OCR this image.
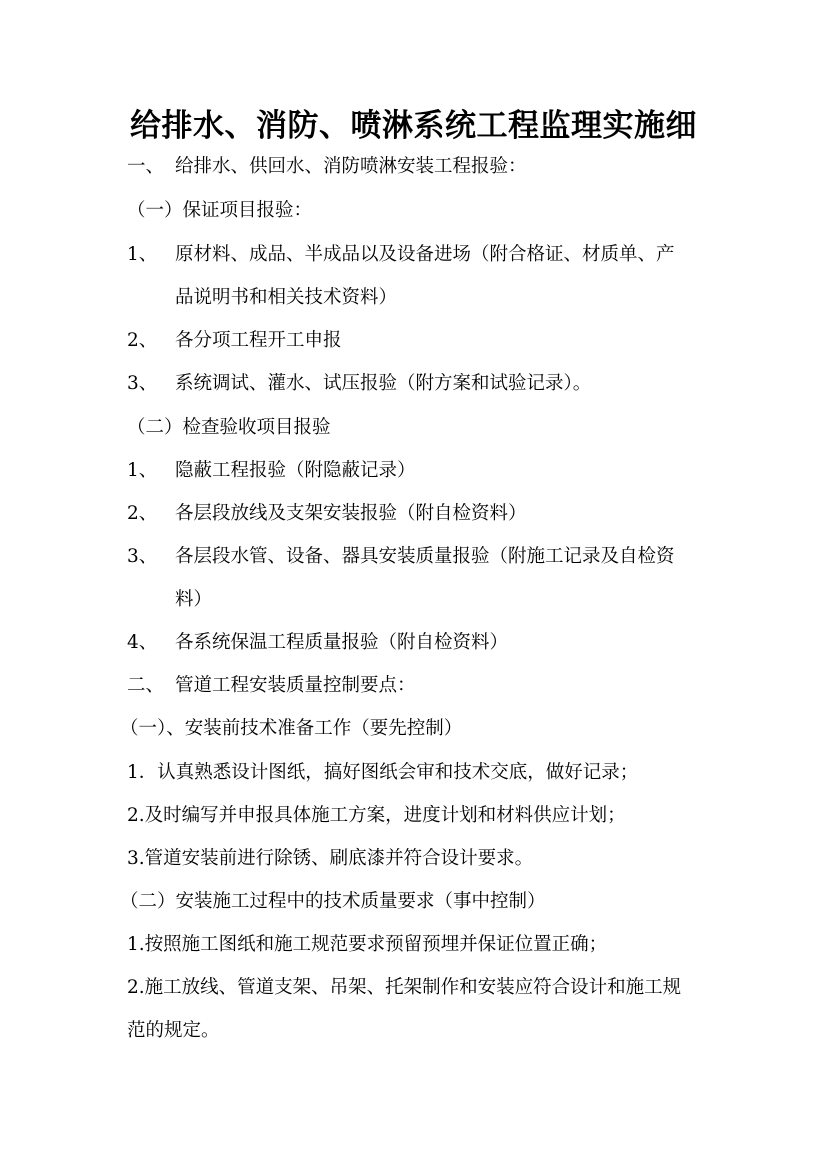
给排水、消防、喷淋系统工程监理实施细
一、 给排水、供回水、消防喷淋安装工程报验：
（一）保证项目报验：
1、 原材料、成品、半成品以及设备进场（附合格证、材质单、产
品说明书和相关技术资料）
2、 各分项工程开工申报
3、 系统调试、灌水、试压报验（附方案和试验记录）。
（二）检查验收项目报验
1、 隐蔽工程报验（附隐蔽记录）
2、 各层段放线及支架安装报验（附自检资料）
3、 各层段水管、设备、器具安装质量报验（附施工记录及自检资
料）
4、 各系统保温工程质量报验（附自检资料）
二、 管道工程安装质量控制要点：
（一）、安装前技术准备工作（要先控制）
1．认真熟悉设计图纸，搞好图纸会审和技术交底，做好记录；
2.及时编写并申报具体施工方案，进度计划和材料供应计划；
3.管道安装前进行除锈、刷底漆并符合设计要求。
（二）安装施工过程中的技术质量要求（事中控制）
1.按照施工图纸和施工规范要求预留预埋并保证位置正确；
2.施工放线、管道支架、吊架、托架制作和安装应符合设计和施工规
范的规定。
